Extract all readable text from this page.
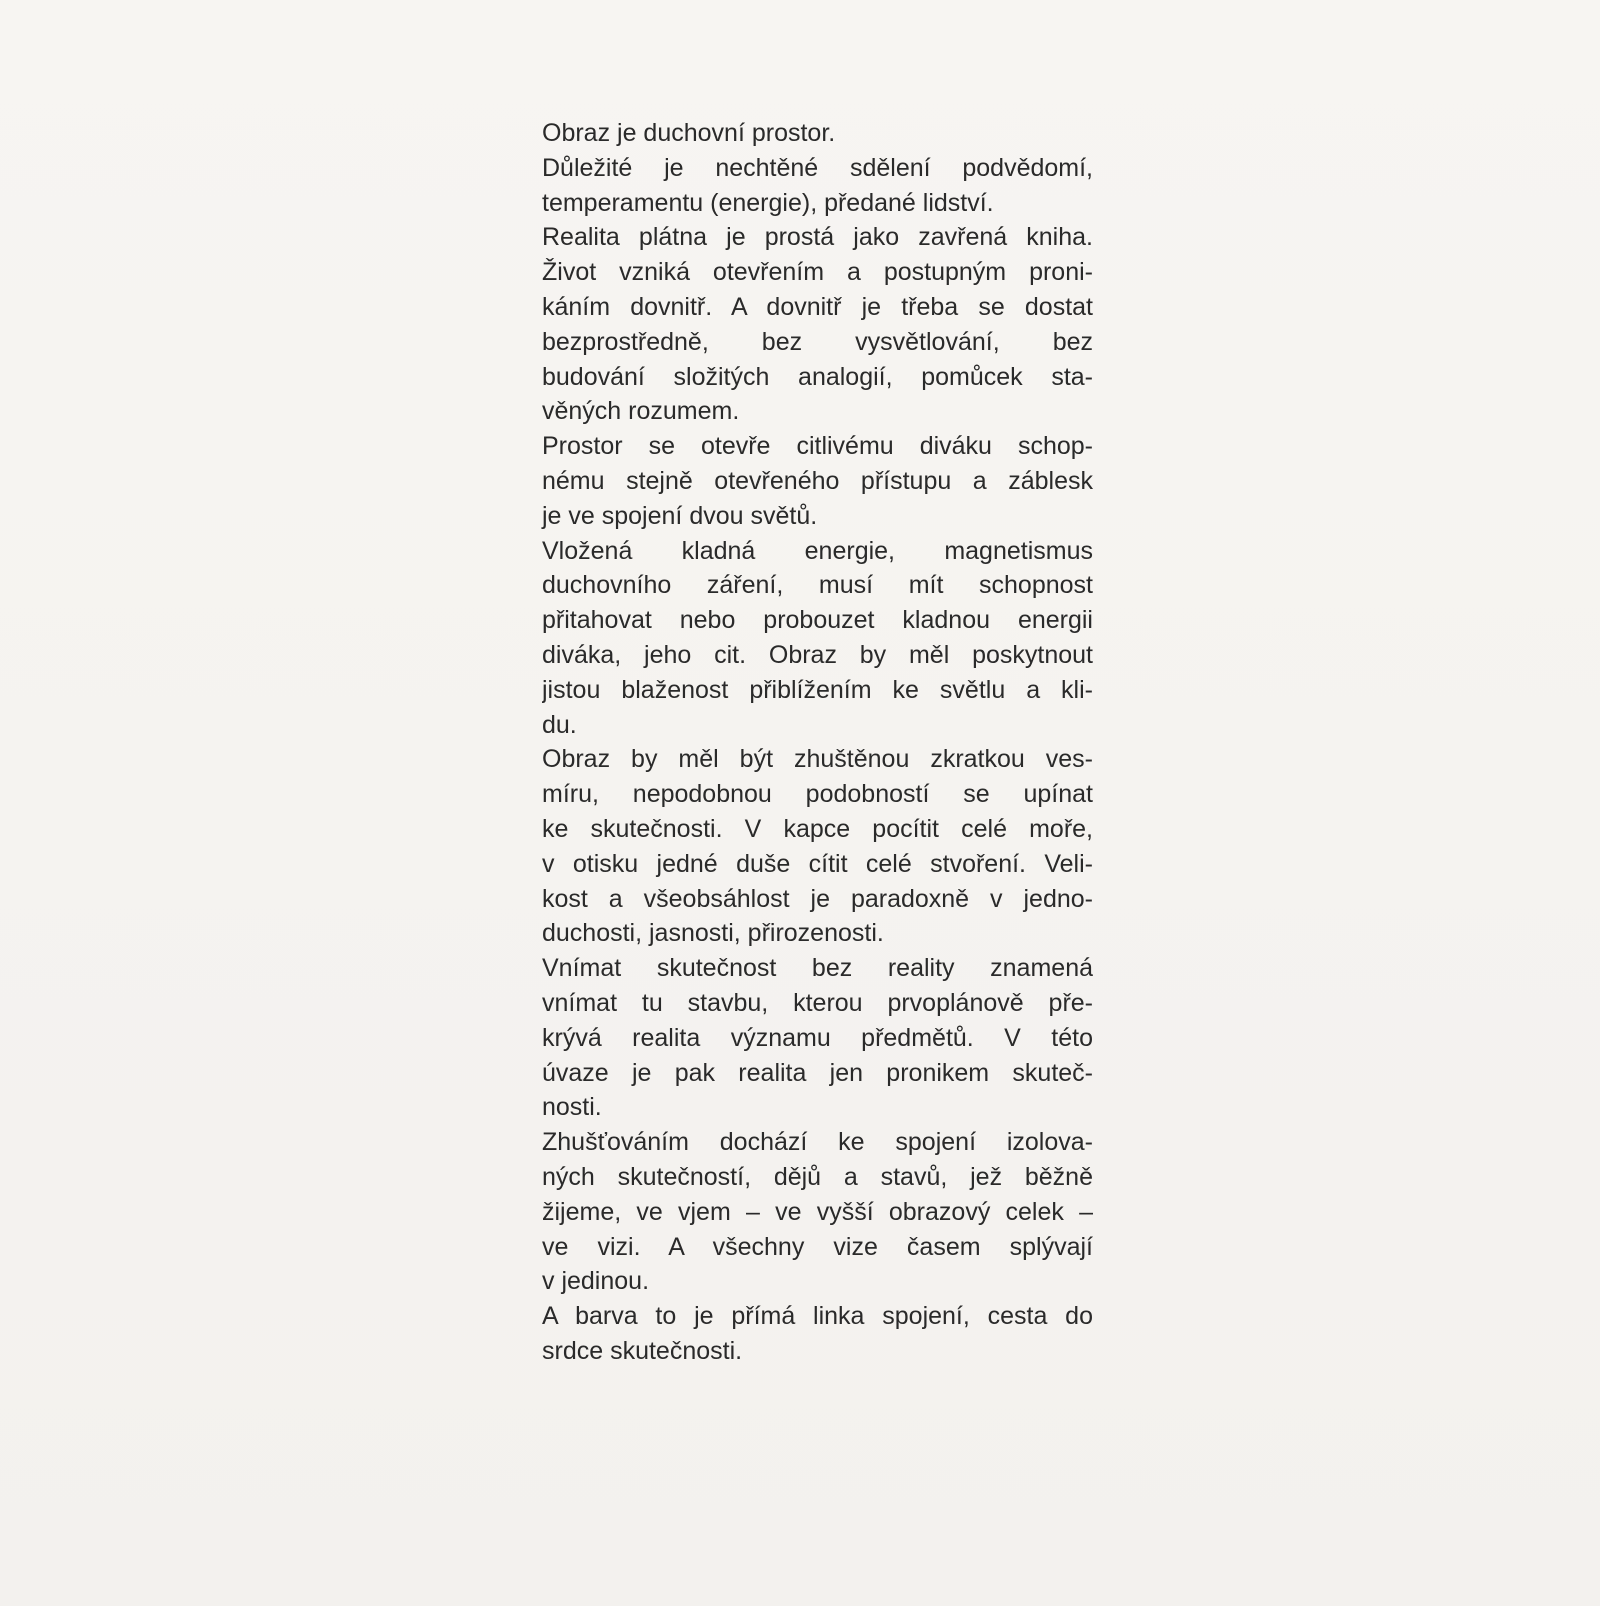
Obraz je duchovní prostor.
Důležité je nechtěné sdělení podvědomí,
temperamentu (energie), předané lidství.
Realita plátna je prostá jako zavřená kniha.
Život vzniká otevřením a postupným proni-
káním dovnitř. A dovnitř je třeba se dostat
bezprostředně, bez vysvětlování, bez
budování složitých analogií, pomůcek sta-
věných rozumem.
Prostor se otevře citlivému diváku schop-
nému stejně otevřeného přístupu a záblesk
je ve spojení dvou světů.
Vložená kladná energie, magnetismus
duchovního záření, musí mít schopnost
přitahovat nebo probouzet kladnou energii
diváka, jeho cit. Obraz by měl poskytnout
jistou blaženost přiblížením ke světlu a kli-
du.
Obraz by měl být zhuštěnou zkratkou ves-
míru, nepodobnou podobností se upínat
ke skutečnosti. V kapce pocítit celé moře,
v otisku jedné duše cítit celé stvoření. Veli-
kost a všeobsáhlost je paradoxně v jedno-
duchosti, jasnosti, přirozenosti.
Vnímat skutečnost bez reality znamená
vnímat tu stavbu, kterou prvoplánově pře-
krývá realita významu předmětů. V této
úvaze je pak realita jen pronikem skuteč-
nosti.
Zhušťováním dochází ke spojení izolova-
ných skutečností, dějů a stavů, jež běžně
žijeme, ve vjem – ve vyšší obrazový celek –
ve vizi. A všechny vize časem splývají
v jedinou.
A barva to je přímá linka spojení, cesta do
srdce skutečnosti.
